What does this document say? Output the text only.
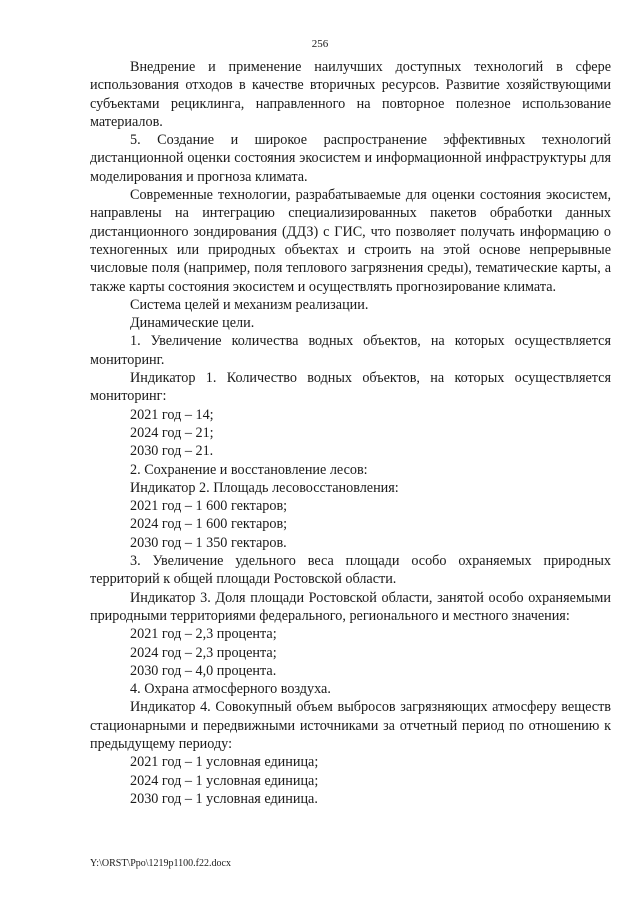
256

Внедрение и применение наилучших доступных технологий в сфере использования отходов в качестве вторичных ресурсов. Развитие хозяйствующими субъектами рециклинга, направленного на повторное полезное использование материалов.

5. Создание и широкое распространение эффективных технологий дистанционной оценки состояния экосистем и информационной инфраструктуры для моделирования и прогноза климата.

Современные технологии, разрабатываемые для оценки состояния экосистем, направлены на интеграцию специализированных пакетов обработки данных дистанционного зондирования (ДДЗ) с ГИС, что позволяет получать информацию о техногенных или природных объектах и строить на этой основе непрерывные числовые поля (например, поля теплового загрязнения среды), тематические карты, а также карты состояния экосистем и осуществлять прогнозирование климата.

Система целей и механизм реализации.

Динамические цели.

1. Увеличение количества водных объектов, на которых осуществляется мониторинг.

Индикатор 1. Количество водных объектов, на которых осуществляется мониторинг:

2021 год – 14;

2024 год – 21;

2030 год – 21.

2. Сохранение и восстановление лесов:

Индикатор 2. Площадь лесовосстановления:

2021 год – 1 600 гектаров;

2024 год – 1 600 гектаров;

2030 год – 1 350 гектаров.

3. Увеличение удельного веса площади особо охраняемых природных территорий к общей площади Ростовской области.

Индикатор 3. Доля площади Ростовской области, занятой особо охраняемыми природными территориями федерального, регионального и местного значения:

2021 год – 2,3 процента;

2024 год – 2,3 процента;

2030 год – 4,0 процента.

4. Охрана атмосферного воздуха.

Индикатор 4. Совокупный объем выбросов загрязняющих атмосферу веществ стационарными и передвижными источниками за отчетный период по отношению к предыдущему периоду:

2021 год – 1 условная единица;

2024 год – 1 условная единица;

2030 год – 1 условная единица.

Y:\ORST\Ppo\1219p1100.f22.docx
